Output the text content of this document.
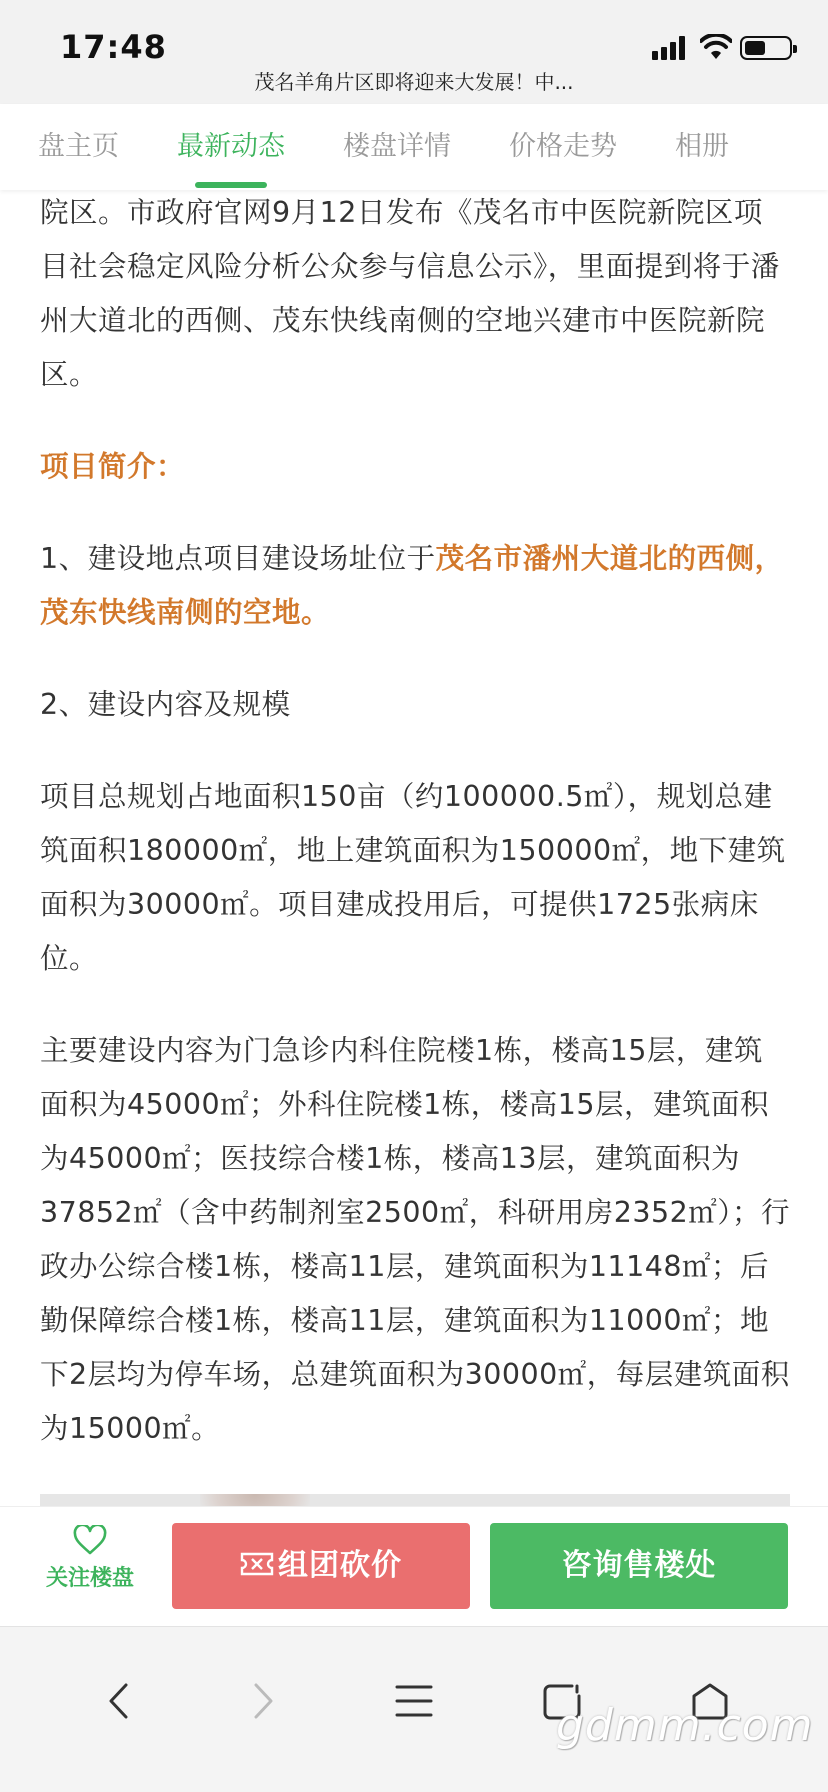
17:48
茂名羊角片区即将迎来大发展！中...
盘主页 最新动态 楼盘详情 价格走势 相册

院区。市政府官网9月12日发布《茂名市中医院新院区项目社会稳定风险分析公众参与信息公示》，里面提到将于潘州大道北的西侧、茂东快线南侧的空地兴建市中医院新院区。

项目简介：

1、建设地点项目建设场址位于茂名市潘州大道北的西侧，茂东快线南侧的空地。

2、建设内容及规模

项目总规划占地面积150亩（约100000.5㎡），规划总建筑面积180000㎡，地上建筑面积为150000㎡，地下建筑面积为30000㎡。项目建成投用后，可提供1725张病床位。

主要建设内容为门急诊内科住院楼1栋，楼高15层，建筑面积为45000㎡；外科住院楼1栋，楼高15层，建筑面积为45000㎡；医技综合楼1栋，楼高13层，建筑面积为37852㎡（含中药制剂室2500㎡，科研用房2352㎡）；行政办公综合楼1栋，楼高11层，建筑面积为11148㎡；后勤保障综合楼1栋，楼高11层，建筑面积为11000㎡；地下2层均为停车场，总建筑面积为30000㎡，每层建筑面积为15000㎡。

关注楼盘	组团砍价	咨询售楼处
gdmm.com
